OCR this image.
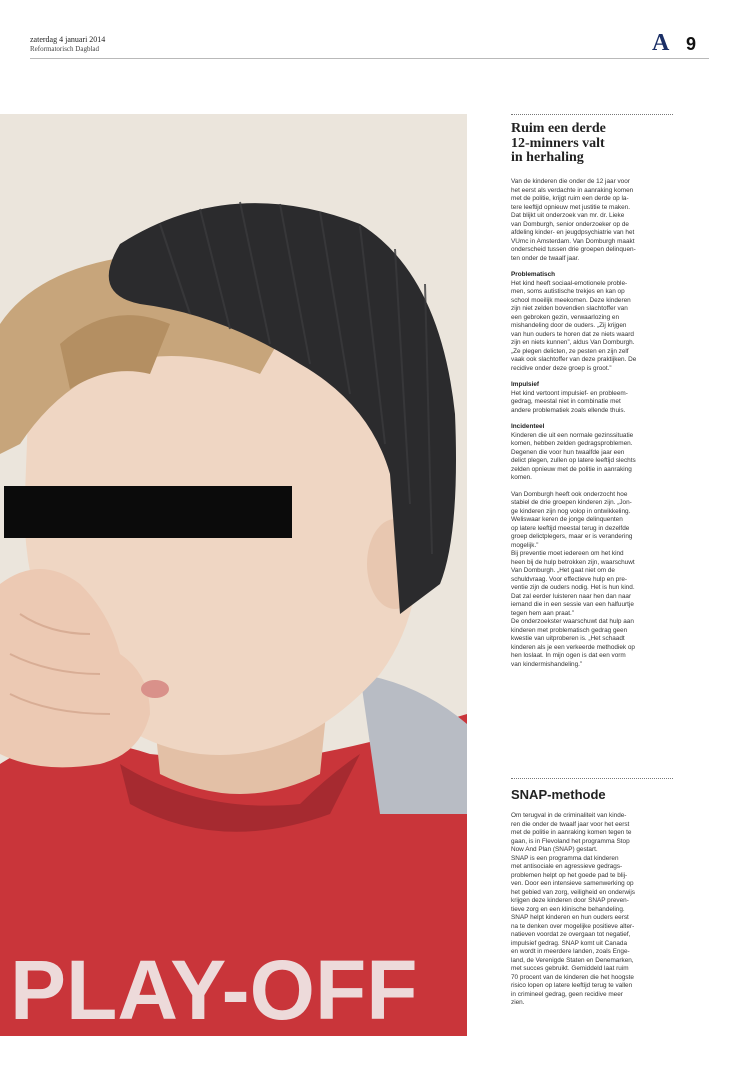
zaterdag 4 januari 2014
Reformatorisch Dagblad	A 9
PLAY-OFF
Ruim een derde
12-minners valt
in herhaling

Van de kinderen die onder de 12 jaar voor

het eerst als verdachte in aanraking komen

met de politie, krijgt ruim een derde op la-

tere leeftijd opnieuw met justitie te maken.

Dat blijkt uit onderzoek van mr. dr. Lieke

van Domburgh, senior onderzoeker op de

afdeling kinder- en jeugdpsychiatrie van het

VUmc in Amsterdam. Van Domburgh maakt

onderscheid tussen drie groepen delinquen-

ten onder de twaalf jaar.

Problematisch

Het kind heeft sociaal-emotionele proble-

men, soms autistische trekjes en kan op

school moeilijk meekomen. Deze kinderen

zijn niet zelden bovendien slachtoffer van

een gebroken gezin, verwaarlozing en

mishandeling door de ouders. „Zij krijgen

van hun ouders te horen dat ze niets waard

zijn en niets kunnen”, aldus Van Domburgh.

„Ze plegen delicten, ze pesten en zijn zelf

vaak ook slachtoffer van deze praktijken. De

recidive onder deze groep is groot.”

Impulsief

Het kind vertoont impulsief- en probleem-

gedrag, meestal niet in combinatie met

andere problematiek zoals ellende thuis.

Incidenteel

Kinderen die uit een normale gezinssituatie

komen, hebben zelden gedragsproblemen.

Degenen die voor hun twaalfde jaar een

delict plegen, zullen op latere leeftijd slechts

zelden opnieuw met de politie in aanraking

komen.

Van Domburgh heeft ook onderzocht hoe

stabiel de drie groepen kinderen zijn. „Jon-

ge kinderen zijn nog volop in ontwikkeling.

Weliswaar keren de jonge delinquenten

op latere leeftijd meestal terug in dezelfde

groep delictplegers, maar er is verandering

mogelijk.”

Bij preventie moet iedereen om het kind

heen bij de hulp betrokken zijn, waarschuwt

Van Domburgh. „Het gaat niet om de

schuldvraag. Voor effectieve hulp en pre-

ventie zijn de ouders nodig. Het is hun kind.

Dat zal eerder luisteren naar hen dan naar

iemand die in een sessie van een halfuurtje

tegen hem aan praat.”

De onderzoekster waarschuwt dat hulp aan

kinderen met problematisch gedrag geen

kwestie van uitproberen is. „Het schaadt

kinderen als je een verkeerde methodiek op

hen loslaat. In mijn ogen is dat een vorm

van kindermishandeling.”

SNAP-methode

Om terugval in de criminaliteit van kinde-

ren die onder de twaalf jaar voor het eerst

met de politie in aanraking komen tegen te

gaan, is in Flevoland het programma Stop

Now And Plan (SNAP) gestart.

SNAP is een programma dat kinderen

met antisociale en agressieve gedrags-

problemen helpt op het goede pad te blij-

ven. Door een intensieve samenwerking op

het gebied van zorg, veiligheid en onderwijs

krijgen deze kinderen door SNAP preven-

tieve zorg en een klinische behandeling.

SNAP helpt kinderen en hun ouders eerst

na te denken over mogelijke positieve alter-

natieven voordat ze overgaan tot negatief,

impulsief gedrag. SNAP komt uit Canada

en wordt in meerdere landen, zoals Enge-

land, de Verenigde Staten en Denemarken,

met succes gebruikt. Gemiddeld laat ruim

70 procent van de kinderen die het hoogste

risico lopen op latere leeftijd terug te vallen

in crimineel gedrag, geen recidive meer

zien.
